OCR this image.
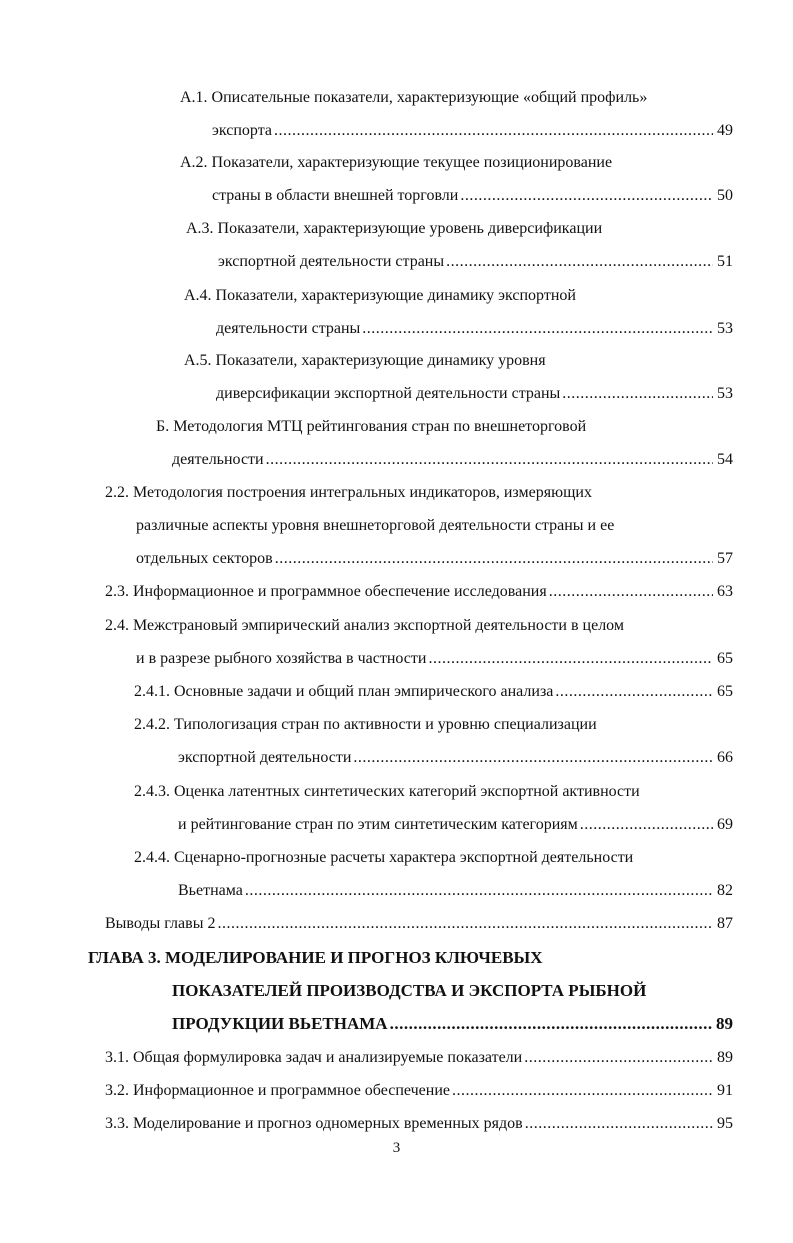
А.1. Описательные показатели, характеризующие «общий профиль»
экспорта .....	49
А.2. Показатели, характеризующие текущее позиционирование
страны в области внешней торговли .....	50
А.3. Показатели, характеризующие уровень диверсификации
экспортной деятельности страны .....	51
А.4. Показатели, характеризующие динамику экспортной
деятельности страны .....	53
А.5. Показатели, характеризующие динамику уровня
диверсификации экспортной деятельности страны .....	53
Б. Методология МТЦ рейтингования стран по внешнеторговой
деятельности .....	54
2.2. Методология построения интегральных индикаторов, измеряющих
различные аспекты уровня внешнеторговой деятельности страны и ее
отдельных секторов .....	57
2.3. Информационное и программное обеспечение исследования .....	63
2.4. Межстрановый эмпирический анализ экспортной деятельности в целом
и в разрезе рыбного хозяйства в частности .....	65
2.4.1. Основные задачи и общий план эмпирического анализа .....	65
2.4.2. Типологизация стран по активности и уровню специализации
экспортной деятельности .....	66
2.4.3. Оценка латентных синтетических категорий экспортной активности
и рейтингование стран по этим синтетическим категориям .....	69
2.4.4. Сценарно-прогнозные расчеты характера экспортной деятельности
Вьетнама .....	82
Выводы главы 2 .....	87
ГЛАВА 3. МОДЕЛИРОВАНИЕ И ПРОГНОЗ КЛЮЧЕВЫХ
ПОКАЗАТЕЛЕЙ ПРОИЗВОДСТВА И ЭКСПОРТА РЫБНОЙ
ПРОДУКЦИИ ВЬЕТНАМА .....	89
3.1. Общая формулировка задач и анализируемые показатели .....	89
3.2. Информационное и программное обеспечение .....	91
3.3. Моделирование и прогноз одномерных временных рядов .....	95
3
